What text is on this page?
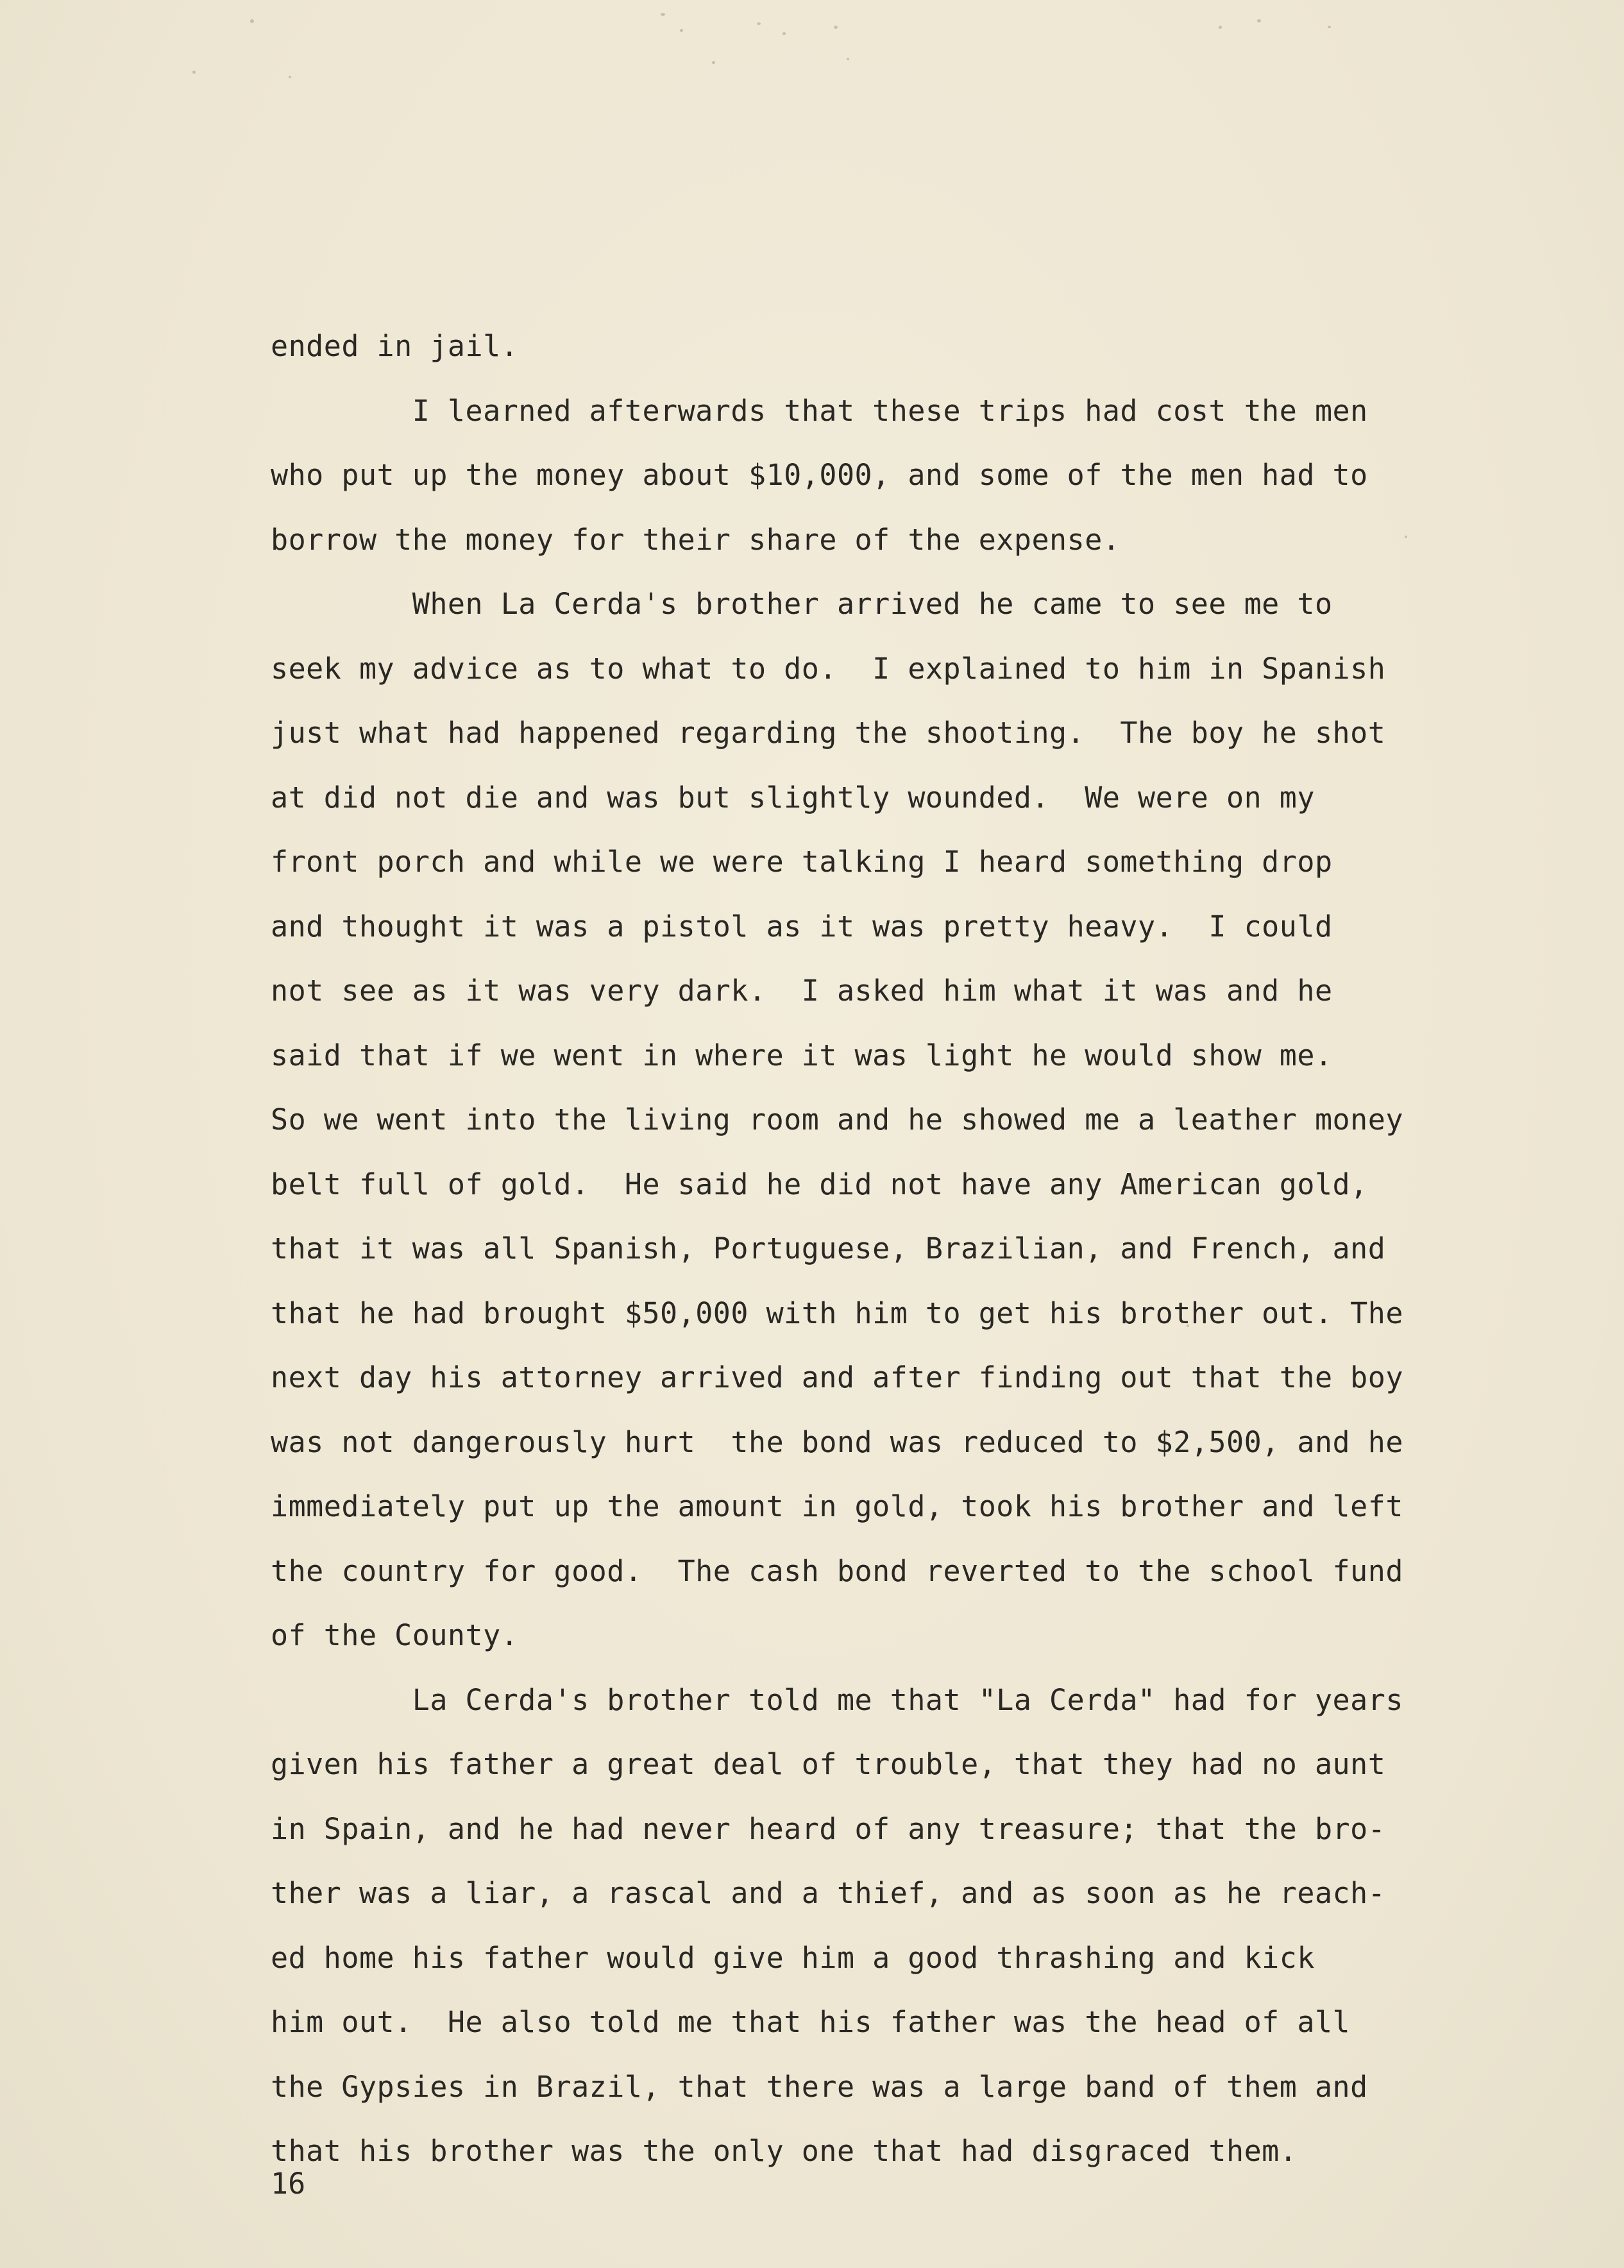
ended in jail.
I learned afterwards that these trips had cost the men
who put up the money about $10,000, and some of the men had to
borrow the money for their share of the expense.
When La Cerda's brother arrived he came to see me to
seek my advice as to what to do.  I explained to him in Spanish
just what had happened regarding the shooting.  The boy he shot
at did not die and was but slightly wounded.  We were on my
front porch and while we were talking I heard something drop
and thought it was a pistol as it was pretty heavy.  I could
not see as it was very dark.  I asked him what it was and he
said that if we went in where it was light he would show me.
So we went into the living room and he showed me a leather money
belt full of gold.  He said he did not have any American gold,
that it was all Spanish, Portuguese, Brazilian, and French, and
that he had brought $50,000 with him to get his brother out. The
next day his attorney arrived and after finding out that the boy
was not dangerously hurt  the bond was reduced to $2,500, and he
immediately put up the amount in gold, took his brother and left
the country for good.  The cash bond reverted to the school fund
of the County.
La Cerda's brother told me that "La Cerda" had for years
given his father a great deal of trouble, that they had no aunt
in Spain, and he had never heard of any treasure; that the bro-
ther was a liar, a rascal and a thief, and as soon as he reach-
ed home his father would give him a good thrashing and kick
him out.  He also told me that his father was the head of all
the Gypsies in Brazil, that there was a large band of them and
that his brother was the only one that had disgraced them.
16
